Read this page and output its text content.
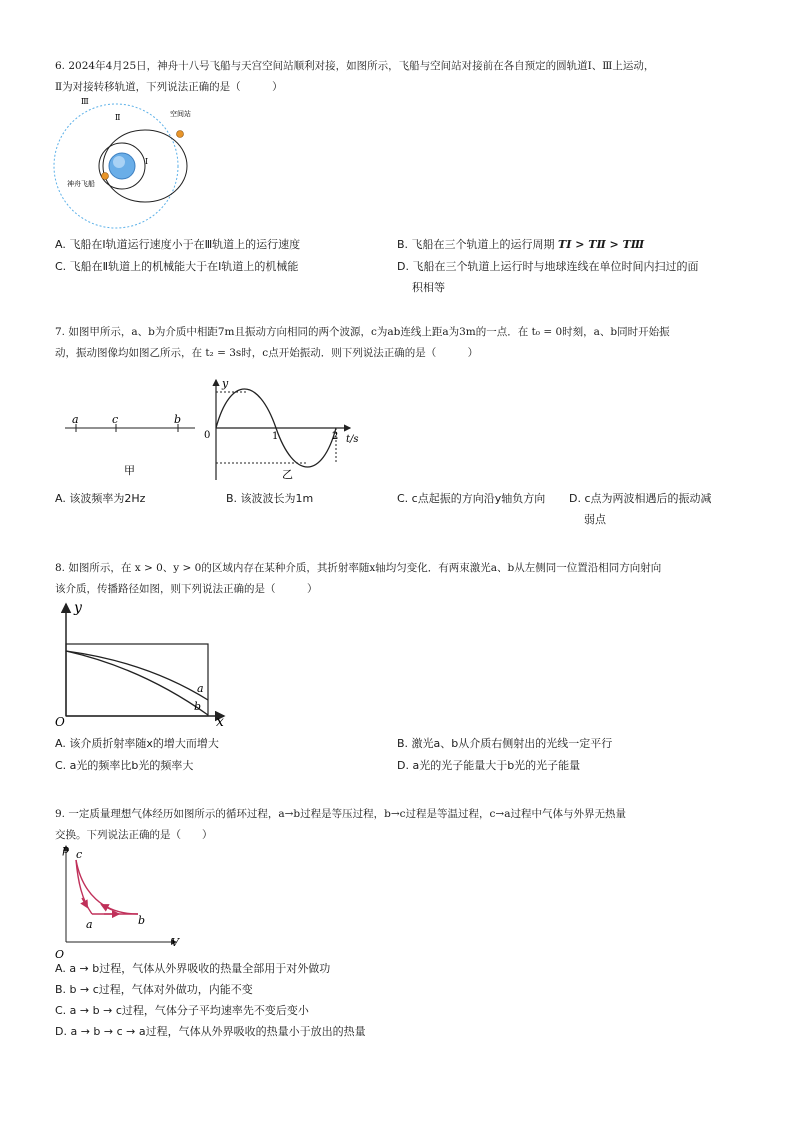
6. 2024年4月25日，神舟十八号飞船与天宫空间站顺利对接，如图所示，飞船与空间站对接前在各自预定的圆轨道Ⅰ、Ⅲ上运动，
Ⅱ为对接转移轨道，下列说法正确的是（　　　）
Ⅲ
Ⅱ
Ⅰ
空间站
神舟飞船
A. 飞船在Ⅰ轨道运行速度小于在Ⅲ轨道上的运行速度	B. 飞船在三个轨道上的运行周期 TⅠ > TⅡ > TⅢ
C. 飞船在Ⅱ轨道上的机械能大于在Ⅰ轨道上的机械能	D. 飞船在三个轨道上运行时与地球连线在单位时间内扫过的面
积相等
7. 如图甲所示，a、b为介质中相距7m且振动方向相同的两个波源，c为ab连线上距a为3m的一点．在 t₀ = 0时刻，a、b同时开始振
动，振动图像均如图乙所示，在 t₂ = 3s时，c点开始振动．则下列说法正确的是（　　　）
a	c	b
甲
y
0	1	2 t/s
乙
A. 该波频率为2Hz	B. 该波波长为1m	C. c点起振的方向沿y轴负方向 D. c点为两波相遇后的振动减
弱点
8. 如图所示，在 x > 0、y > 0的区域内存在某种介质，其折射率随x轴均匀变化．有两束激光a、b从左侧同一位置沿相同方向射向
该介质，传播路径如图，则下列说法正确的是（　　　）
y
x
O
a
b
A. 该介质折射率随x的增大而增大	B. 激光a、b从介质右侧射出的光线一定平行
C. a光的频率比b光的频率大	D. a光的光子能量大于b光的光子能量
9. 一定质量理想气体经历如图所示的循环过程，a→b过程是等压过程，b→c过程是等温过程，c→a过程中气体与外界无热量
交换。下列说法正确的是（　　）
p
V
O
a	b
c
A. a → b过程，气体从外界吸收的热量全部用于对外做功
B. b → c过程，气体对外做功，内能不变
C. a → b → c过程，气体分子平均速率先不变后变小
D. a → b → c → a过程，气体从外界吸收的热量小于放出的热量
